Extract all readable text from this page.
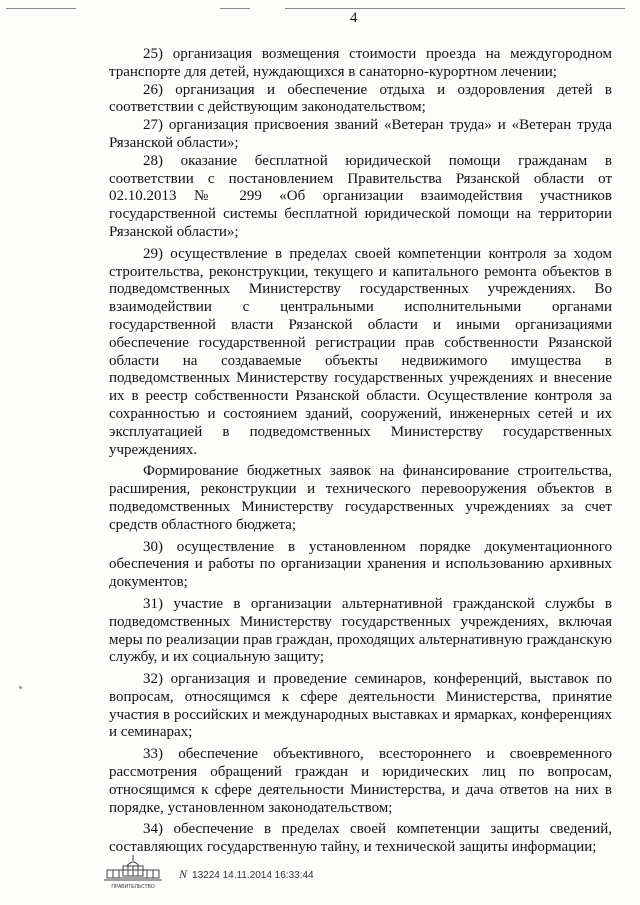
4

25) организация возмещения стоимости проезда на междугородном транспорте для детей, нуждающихся в санаторно-курортном лечении;

26) организация и обеспечение отдыха и оздоровления детей в соответствии с действующим законодательством;

27) организация присвоения званий «Ветеран труда» и «Ветеран труда Рязанской области»;

28) оказание бесплатной юридической помощи гражданам в соответствии с постановлением Правительства Рязанской области от 02.10.2013 № 299 «Об организации взаимодействия участников государственной системы бесплатной юридической помощи на территории Рязанской области»;

29) осуществление в пределах своей компетенции контроля за ходом строительства, реконструкции, текущего и капитального ремонта объектов в подведомственных Министерству государственных учреждениях. Во взаимодействии с центральными исполнительными органами государственной власти Рязанской области и иными организациями обеспечение государственной регистрации прав собственности Рязанской области на создаваемые объекты недвижимого имущества в подведомственных Министерству государственных учреждениях и внесение их в реестр собственности Рязанской области. Осуществление контроля за сохранностью и состоянием зданий, сооружений, инженерных сетей и их эксплуатацией в подведомственных Министерству государственных учреждениях.

Формирование бюджетных заявок на финансирование строительства, расширения, реконструкции и технического перевооружения объектов в подведомственных Министерству государственных учреждениях за счет средств областного бюджета;

30) осуществление в установленном порядке документационного обеспечения и работы по организации хранения и использованию архивных документов;

31) участие в организации альтернативной гражданской службы в подведомственных Министерству государственных учреждениях, включая меры по реализации прав граждан, проходящих альтернативную гражданскую службу, и их социальную защиту;

32) организация и проведение семинаров, конференций, выставок по вопросам, относящимся к сфере деятельности Министерства, принятие участия в российских и международных выставках и ярмарках, конференциях и семинарах;

33) обеспечение объективного, всестороннего и своевременного рассмотрения обращений граждан и юридических лиц по вопросам, относящимся к сфере деятельности Министерства, и дача ответов на них в порядке, установленном законодательством;

34) обеспечение в пределах своей компетенции защиты сведений, составляющих государственную тайну, и технической защиты информации;

ПРАВИТЕЛЬСТВО
N 13224 14.11.2014 16:33:44
